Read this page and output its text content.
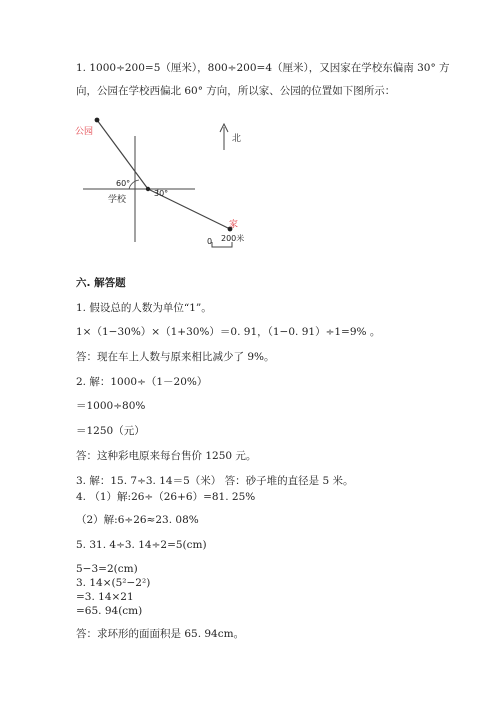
1. 1000÷200=5（厘米），800÷200=4（厘米），又因家在学校东偏南 30° 方
向，公园在学校西偏北 60° 方向，所以家、公园的位置如下图所示：
公园
60°
30°
学校
北
家
0 200米
六. 解答题
1. 假设总的人数为单位“1”。
1×（1−30%）×（1+30%）＝0. 91，（1−0. 91）÷1=9% 。
答：现在车上人数与原来相比减少了 9%。
2. 解：1000÷（1－20%）
＝1000÷80%
＝1250（元）
答：这种彩电原来每台售价 1250 元。
3. 解：15. 7÷3. 14＝5（米） 答：砂子堆的直径是 5 米。
4. （1）解:26÷（26+6）=81. 25%
（2）解:6÷26≈23. 08%
5. 31. 4÷3. 14÷2=5(cm)
5−3=2(cm)
3. 14×(5²−2²)
=3. 14×21
=65. 94(cm)
答：求环形的面面积是 65. 94cm。
